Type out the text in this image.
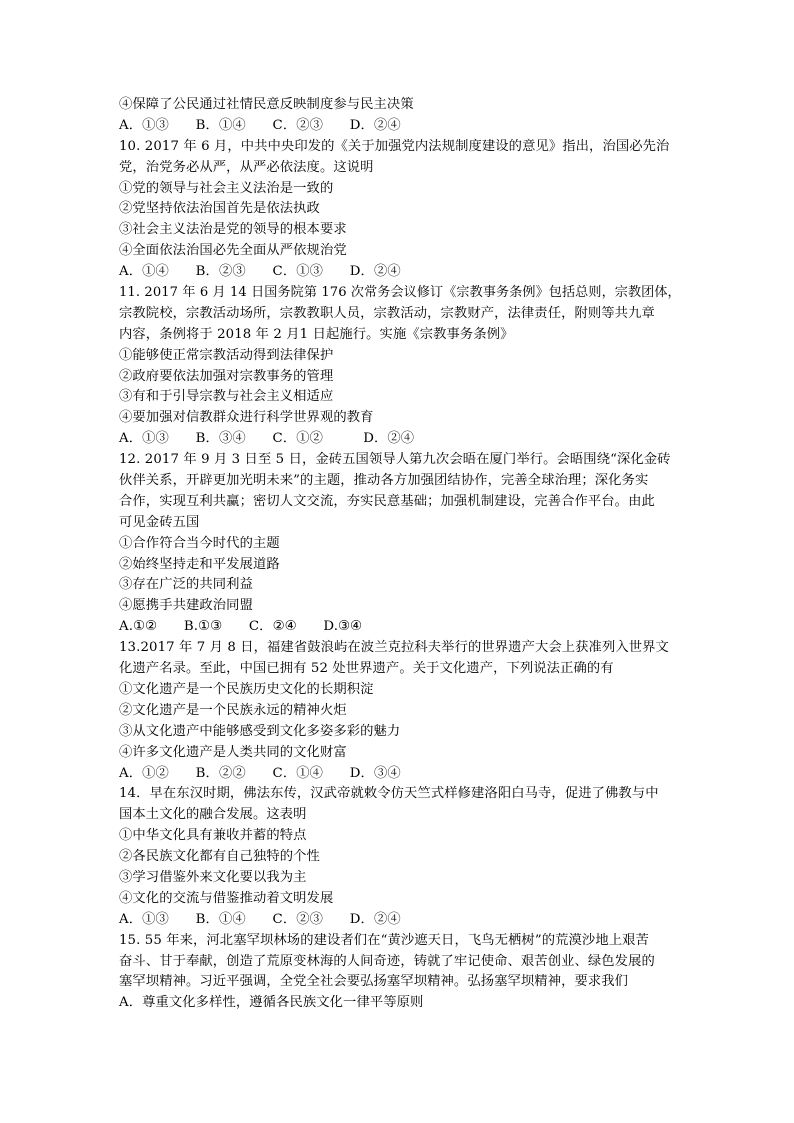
④保障了公民通过社情民意反映制度参与民主决策
A．①③　　B．①④　　C．②③　　D．②④
10. 2017 年 6 月，中共中央印发的《关于加强党内法规制度建设的意见》指出，治国必先治
党，治党务必从严，从严必依法度。这说明
①党的领导与社会主义法治是一致的
②党坚持依法治国首先是依法执政
③社会主义法治是党的领导的根本要求
④全面依法治国必先全面从严依规治党
A．①④　　B．②③　　C．①③　　D．②④
11. 2017 年 6 月 14 日国务院第 176 次常务会议修订《宗教事务条例》包括总则，宗教团体，
宗教院校，宗教活动场所，宗教教职人员，宗教活动，宗教财产，法律责任，附则等共九章
内容，条例将于 2018 年 2 月1 日起施行。实施《宗教事务条例》
①能够使正常宗教活动得到法律保护
②政府要依法加强对宗教事务的管理
③有和于引导宗教与社会主义相适应
④要加强对信教群众进行科学世界观的教育
A．①③　　B．③④　　C．①②　　　D．②④
12. 2017 年 9 月 3 日至 5 日，金砖五国领导人第九次会晤在厦门举行。会晤围绕“深化金砖
伙伴关系，开辟更加光明未来”的主题，推动各方加强团结协作，完善全球治理；深化务实
合作，实现互利共赢；密切人文交流，夯实民意基础；加强机制建设，完善合作平台。由此
可见金砖五国
①合作符合当今时代的主题
②始终坚持走和平发展道路
③存在广泛的共同利益
④愿携手共建政治同盟
A.①②　　B.①③　　C．②④　　D.③④
13.2017 年 7 月 8 日，福建省鼓浪屿在波兰克拉科夫举行的世界遗产大会上获准列入世界文
化遗产名录。至此，中国已拥有 52 处世界遗产。关于文化遗产，下列说法正确的有
①文化遗产是一个民族历史文化的长期积淀
②文化遗产是一个民族永远的精神火炬
③从文化遗产中能够感受到文化多姿多彩的魅力
④许多文化遗产是人类共同的文化财富
A．①②　　B．②②　　C．①④　　D．③④
14．早在东汉时期，佛法东传，汉武帝就敕令仿天竺式样修建洛阳白马寺，促进了佛教与中
国本土文化的融合发展。这表明
①中华文化具有兼收并蓄的特点
②各民族文化都有自己独特的个性
③学习借鉴外来文化要以我为主
④文化的交流与借鉴推动着文明发展
A．①③　　B．①④　　C．②③　　D．②④
15. 55 年来，河北塞罕坝林场的建设者们在“黄沙遮天日，飞鸟无栖树”的荒漠沙地上艰苦
奋斗、甘于奉献，创造了荒原变林海的人间奇迹，铸就了牢记使命、艰苦创业、绿色发展的
塞罕坝精神。习近平强调，全党全社会要弘扬塞罕坝精神。弘扬塞罕坝精神，要求我们
A．尊重文化多样性，遵循各民族文化一律平等原则
